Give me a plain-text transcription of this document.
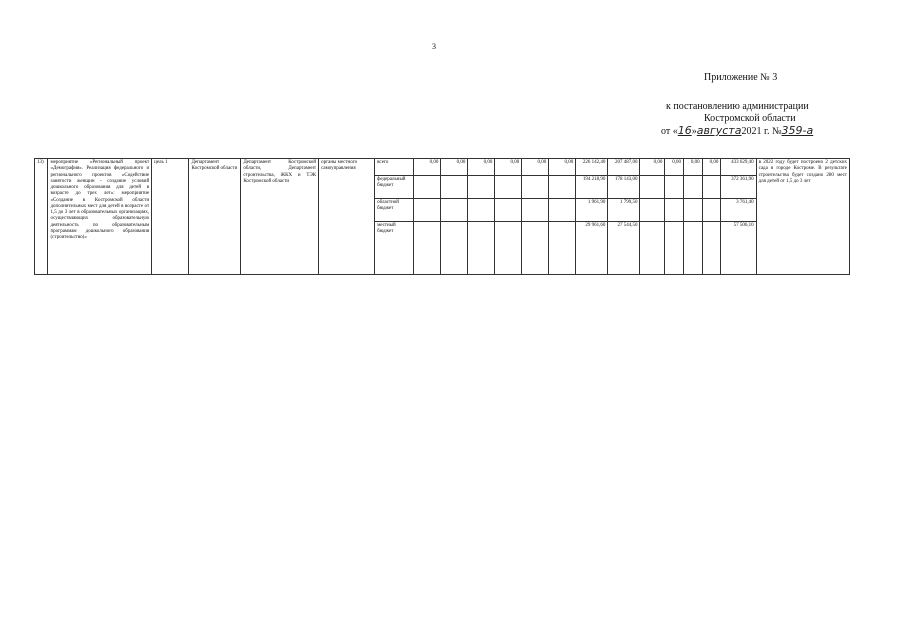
3
Приложение № 3
к постановлению администрации
Костромской области
от «16»августа2021 г. №359-а
13)	мероприятие «Региональный проект «Демография». Реализация федерального и регионального проектов «Содействие занятости женщин - создание условий дошкольного образования для детей в возрасте до трех лет»: мероприятие «Создание в Костромской области дополнительных мест для детей в возрасте от 1,5 до 3 лет в образовательных организациях, осуществляющих образовательную деятельность по образовательным программам дошкольного образования (строительство)»	цель 1	Департамент Костромской области	Департамент Костромской области, Департамент строительства, ЖКХ и ТЭК Костромской области	органы местного самоуправления	всего	0,00	0,00	0,00	0,00	0,00	0,00	226 142,40	207 487,00	0,00	0,00	0,00	0,00	433 629,40	в 2022 году будет построено 2 детских сада в городе Костроме. В результате строительства будет создано 280 мест для детей от 1,5 до 3 лет
						федеральный бюджет							194 218,90	178 143,00					372 361,90	
						областной бюджет							1 961,90	1 799,50					3 761,40	
						местный бюджет							29 961,60	27 544,50					57 506,10	
